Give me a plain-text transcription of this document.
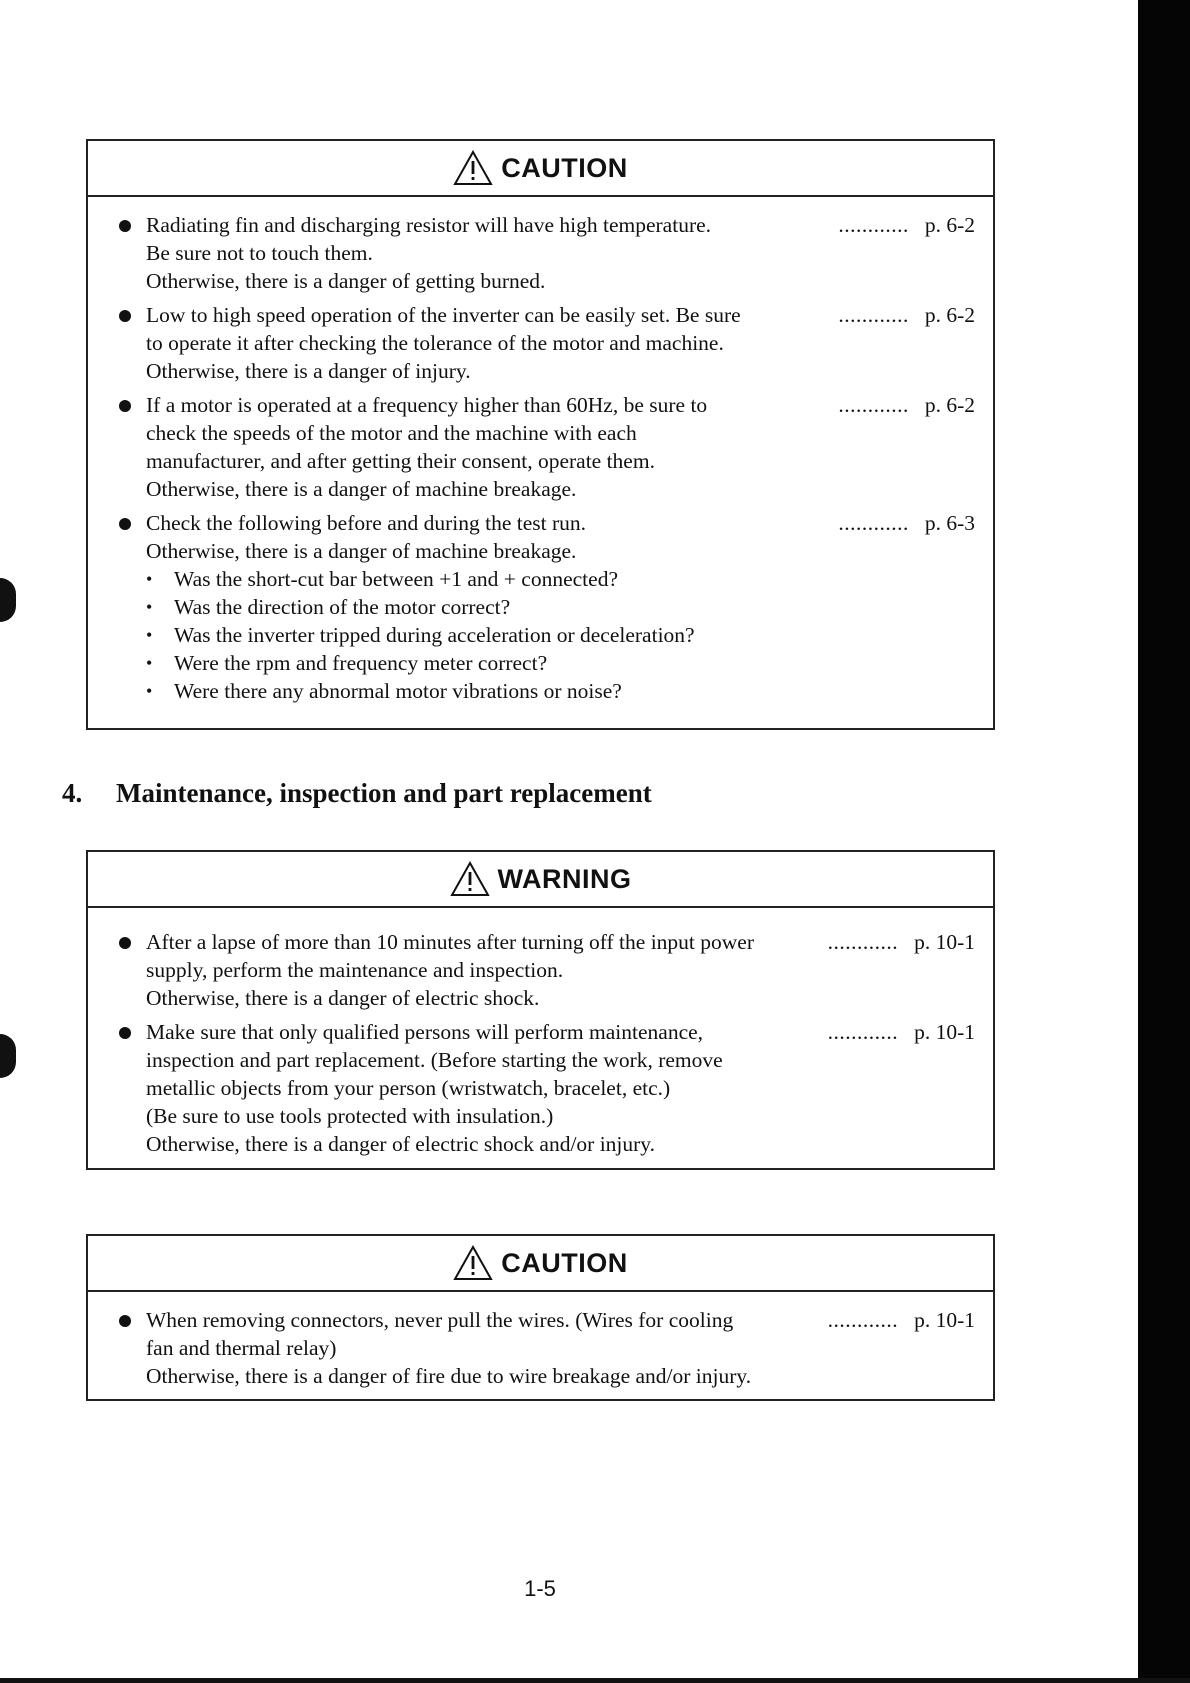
CAUTION
Radiating fin and discharging resistor will have high temperature.
Be sure not to touch them.
Otherwise, there is a danger of getting burned.
............ p. 6-2
Low to high speed operation of the inverter can be easily set. Be sure
to operate it after checking the tolerance of the motor and machine.
Otherwise, there is a danger of injury.
............ p. 6-2
If a motor is operated at a frequency higher than 60Hz, be sure to
check the speeds of the motor and the machine with each
manufacturer, and after getting their consent, operate them.
Otherwise, there is a danger of machine breakage.
............ p. 6-2
Check the following before and during the test run.
Otherwise, there is a danger of machine breakage.
• Was the short-cut bar between +1 and + connected?
• Was the direction of the motor correct?
• Was the inverter tripped during acceleration or deceleration?
• Were the rpm and frequency meter correct?
• Were there any abnormal motor vibrations or noise?
............ p. 6-3
4. Maintenance, inspection and part replacement
WARNING
After a lapse of more than 10 minutes after turning off the input power
supply, perform the maintenance and inspection.
Otherwise, there is a danger of electric shock.
............ p. 10-1
Make sure that only qualified persons will perform maintenance,
inspection and part replacement. (Before starting the work, remove
metallic objects from your person (wristwatch, bracelet, etc.)
(Be sure to use tools protected with insulation.)
Otherwise, there is a danger of electric shock and/or injury.
............ p. 10-1
CAUTION
When removing connectors, never pull the wires. (Wires for cooling
fan and thermal relay)
Otherwise, there is a danger of fire due to wire breakage and/or injury.
............ p. 10-1
1-5
